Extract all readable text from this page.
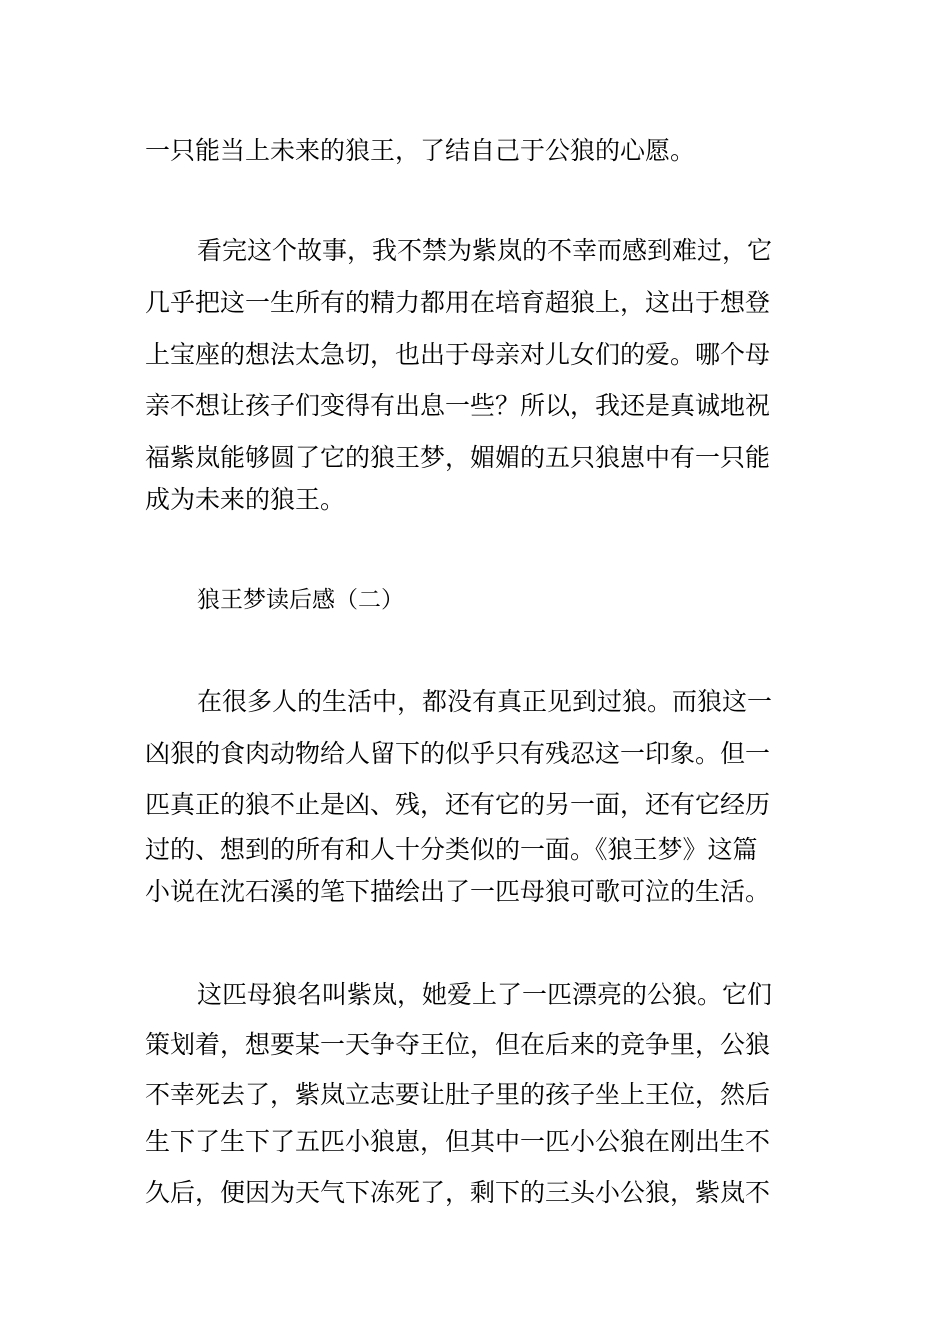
一只能当上未来的狼王，了结自己于公狼的心愿。
看完这个故事，我不禁为紫岚的不幸而感到难过，它
几乎把这一生所有的精力都用在培育超狼上，这出于想登
上宝座的想法太急切，也出于母亲对儿女们的爱。哪个母
亲不想让孩子们变得有出息一些？所以，我还是真诚地祝
福紫岚能够圆了它的狼王梦，媚媚的五只狼崽中有一只能
成为未来的狼王。
狼王梦读后感（二）
在很多人的生活中，都没有真正见到过狼。而狼这一
凶狠的食肉动物给人留下的似乎只有残忍这一印象。但一
匹真正的狼不止是凶、残，还有它的另一面，还有它经历
过的、想到的所有和人十分类似的一面。《狼王梦》这篇
小说在沈石溪的笔下描绘出了一匹母狼可歌可泣的生活。
这匹母狼名叫紫岚，她爱上了一匹漂亮的公狼。它们
策划着，想要某一天争夺王位，但在后来的竞争里，公狼
不幸死去了，紫岚立志要让肚子里的孩子坐上王位，然后
生下了生下了五匹小狼崽，但其中一匹小公狼在刚出生不
久后，便因为天气下冻死了，剩下的三头小公狼，紫岚不
